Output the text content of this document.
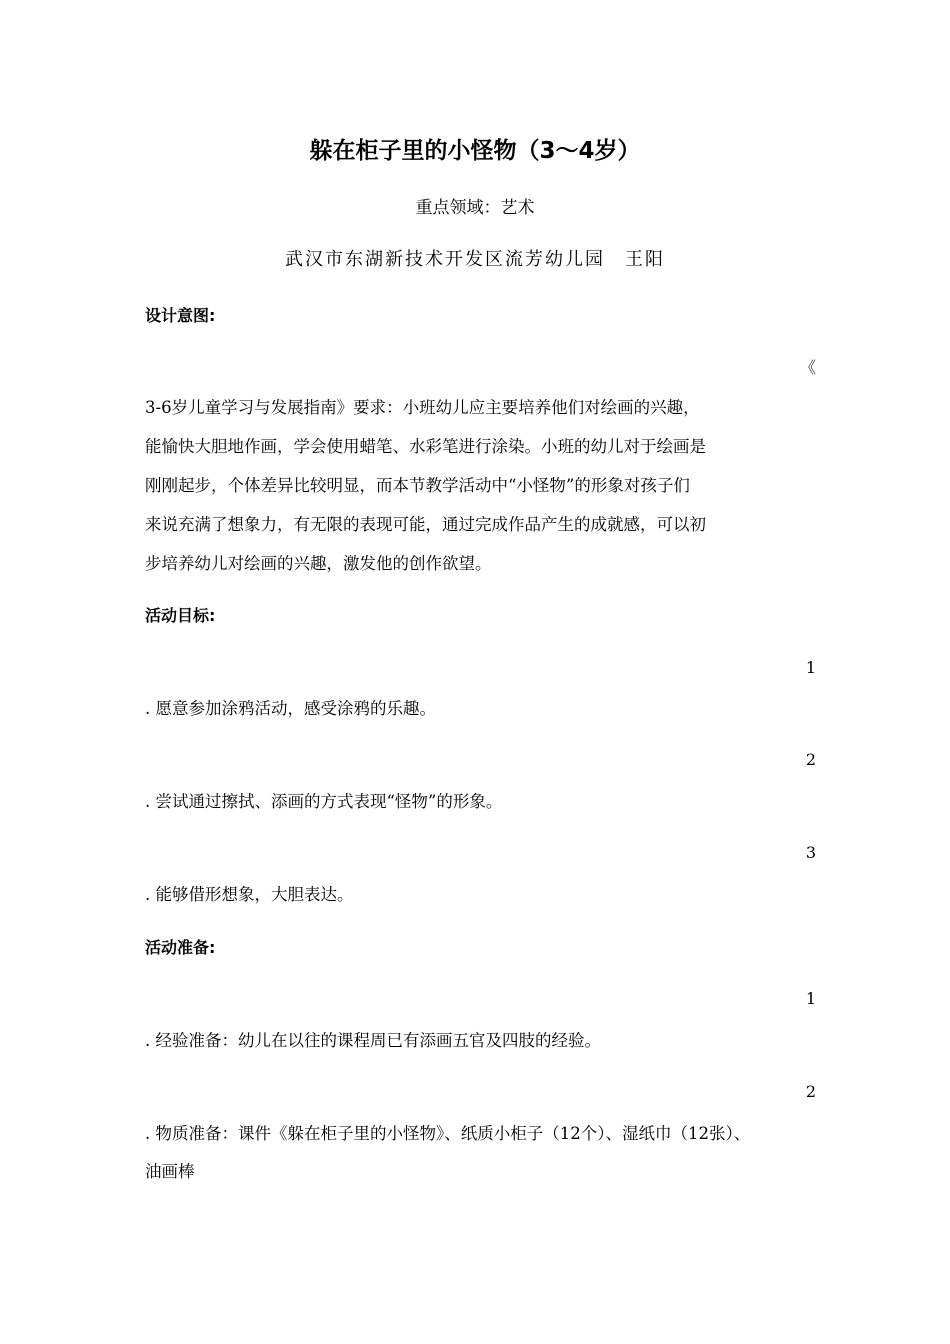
躲在柜子里的小怪物（3～4岁）
重点领域：艺术
武汉市东湖新技术开发区流芳幼儿园　王阳
设计意图:
《

3-6岁儿童学习与发展指南》要求：小班幼儿应主要培养他们对绘画的兴趣，

能愉快大胆地作画，学会使用蜡笔、水彩笔进行涂染。小班的幼儿对于绘画是

刚刚起步，个体差异比较明显，而本节教学活动中“小怪物”的形象对孩子们

来说充满了想象力，有无限的表现可能，通过完成作品产生的成就感，可以初

步培养幼儿对绘画的兴趣，激发他的创作欲望。

活动目标:
1
. 愿意参加涂鸦活动，感受涂鸦的乐趣。
2
. 尝试通过擦拭、添画的方式表现“怪物”的形象。
3
. 能够借形想象，大胆表达。
活动准备:
1
. 经验准备：幼儿在以往的课程周已有添画五官及四肢的经验。
2
. 物质准备：课件《躲在柜子里的小怪物》、纸质小柜子（12个）、湿纸巾（12张）、
油画棒
